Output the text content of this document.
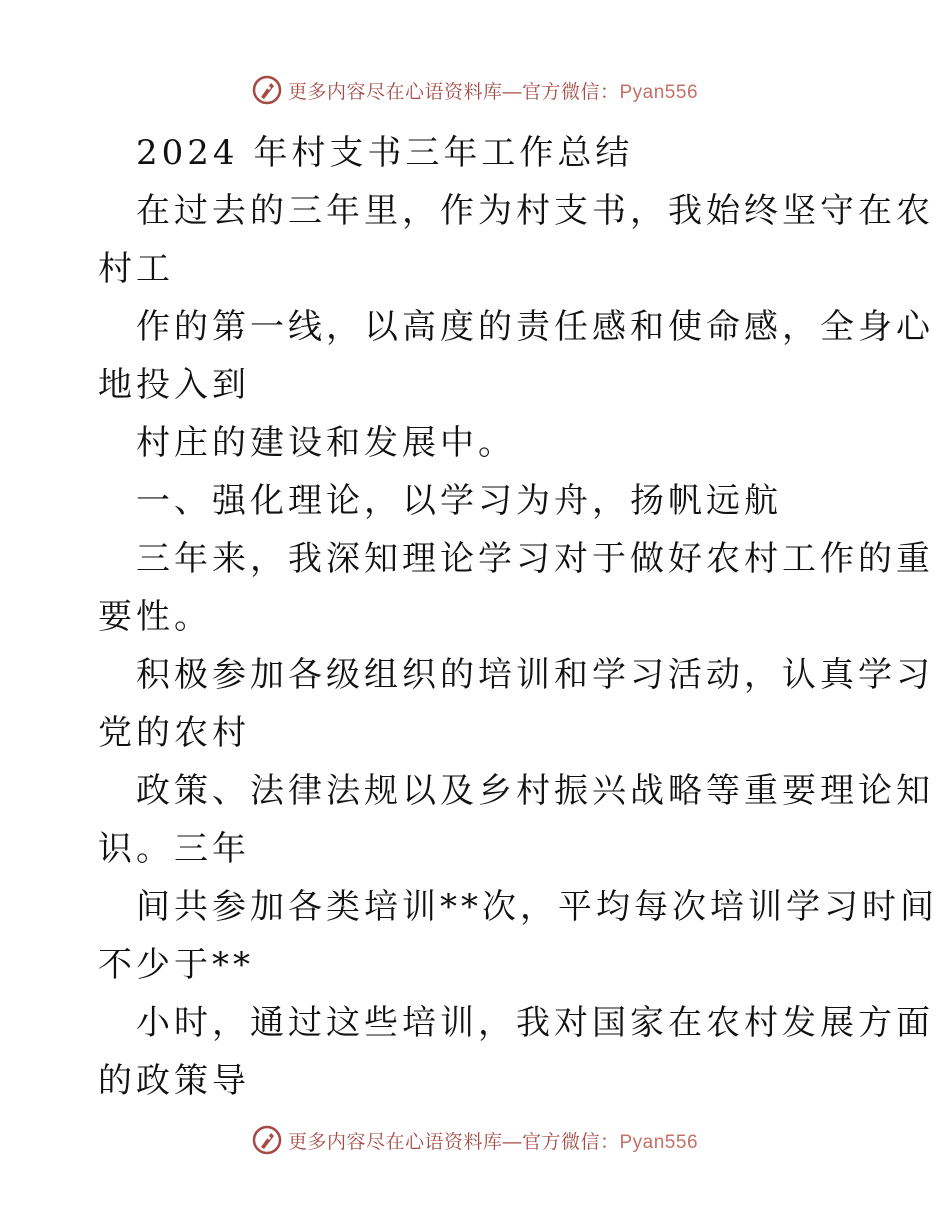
更多内容尽在心语资料库—官方微信：Pyan556
2024 年村支书三年工作总结
在过去的三年里，作为村支书，我始终坚守在农
村工
作的第一线，以高度的责任感和使命感，全身心
地投入到
村庄的建设和发展中。
一、强化理论，以学习为舟，扬帆远航
三年来，我深知理论学习对于做好农村工作的重
要性。
积极参加各级组织的培训和学习活动，认真学习
党的农村
政策、法律法规以及乡村振兴战略等重要理论知
识。三年
间共参加各类培训**次，平均每次培训学习时间
不少于**
小时，通过这些培训，我对国家在农村发展方面
的政策导
更多内容尽在心语资料库—官方微信：Pyan556
